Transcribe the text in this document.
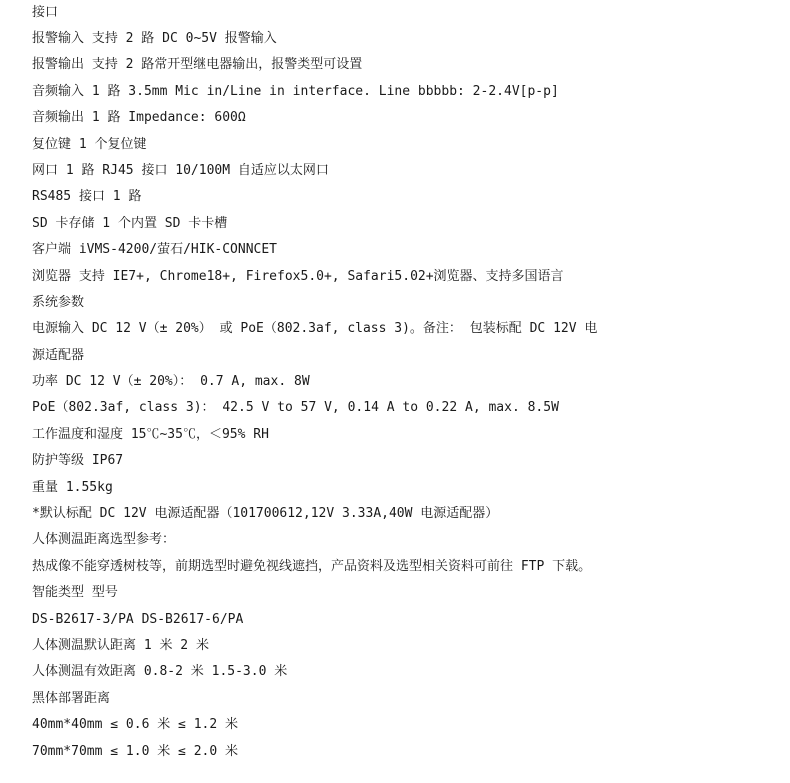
接口
报警输入 支持 2 路 DC 0~5V 报警输入
报警输出 支持 2 路常开型继电器输出，报警类型可设置
音频输入 1 路 3.5mm Mic in/Line in interface. Line bbbbb: 2-2.4V[p-p]
音频输出 1 路 Impedance: 600Ω
复位键 1 个复位键
网口 1 路 RJ45 接口 10/100M 自适应以太网口
RS485 接口 1 路
SD 卡存储 1 个内置 SD 卡卡槽
客户端 iVMS-4200/萤石/HIK-CONNCET
浏览器 支持 IE7+, Chrome18+, Firefox5.0+, Safari5.02+浏览器、支持多国语言
系统参数
电源输入 DC 12 V（± 20%） 或 PoE（802.3af, class 3)。备注： 包装标配 DC 12V 电
源适配器
功率 DC 12 V（± 20%）： 0.7 A, max. 8W
PoE（802.3af, class 3)： 42.5 V to 57 V, 0.14 A to 0.22 A, max. 8.5W
工作温度和湿度 15℃~35℃，＜95% RH
防护等级 IP67
重量 1.55kg
*默认标配 DC 12V 电源适配器（101700612,12V 3.33A,40W 电源适配器）
人体测温距离选型参考：
热成像不能穿透树枝等，前期选型时避免视线遮挡，产品资料及选型相关资料可前往 FTP 下载。
智能类型 型号
DS-B2617-3/PA DS-B2617-6/PA
人体测温默认距离 1 米 2 米
人体测温有效距离 0.8-2 米 1.5-3.0 米
黑体部署距离
40mm*40mm ≤ 0.6 米 ≤ 1.2 米
70mm*70mm ≤ 1.0 米 ≤ 2.0 米
